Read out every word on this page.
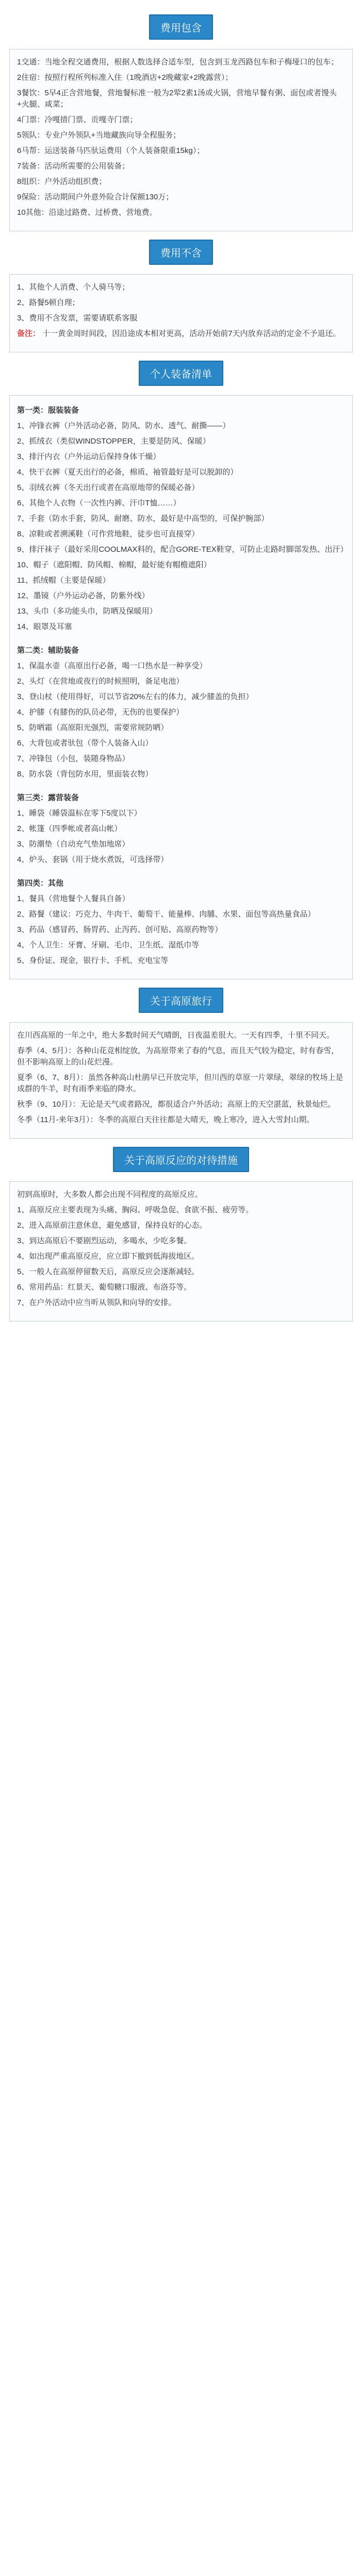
费用包含

1交通：当地全程交通费用，根据人数选择合适车型，包含到玉龙西路包车和子梅垭口的包车；

2住宿：按照行程所列标准入住（1晚酒店+2晚藏家+2晚露营）；

3餐饮：5早4正含营地餐，营地餐标准一般为2荤2素1汤或火锅，营地早餐有粥、面包或者馒头+火腿、咸菜；

4门票：冷嘎措门票、贡嘎寺门票；

5领队：专业户外领队+当地藏族向导全程服务；

6马帮：运送装备马匹驮运费用（个人装备限重15kg）；

7装备：活动所需要的公用装备；

8组织：户外活动组织费；

9保险：活动期间户外意外险合计保额130万；

10其他：沿途过路费、过桥费、营地费。

费用不含

1、其他个人消费、个人骑马等；

2、路餐5顿自理；

3、费用不含发票，需要请联系客服

备注： 十一黄金周时间段，因沿途成本相对更高，活动开始前7天内放弃活动的定金不予退还。

个人装备清单

第一类：服装装备

1、冲锋衣裤（户外活动必备，防风、防水、透气、耐撕——）

2、抓绒衣（类似WINDSTOPPER，主要是防风、保暖）

3、排汗内衣（户外运动后保持身体干燥）

4、快干衣裤（夏天出行的必备，棉质、袖管最好是可以脱卸的）

5、羽绒衣裤（冬天出行或者在高原地带的保暖必备）

6、其他个人衣物（一次性内裤、汗巾T恤……）

7、手套（防水手套，防风、耐磨、防水，最好是中高型的，可保护腕部）

8、凉鞋或者溯溪鞋（可作营地鞋，徒步也可直接穿）

9、排汗袜子（最好采用COOLMAX料的，配合GORE-TEX鞋穿，可防止走路时脚部发热、出汗）

10、帽子（遮阳帽、防风帽、棉帽，最好能有帽檐遮阳）

11、抓绒帽（主要是保暖）

12、墨镜（户外运动必备，防紫外线）

13、头巾（多功能头巾，防晒及保暖用）

14、眼罩及耳塞

第二类：辅助装备

1、保温水壶（高原出行必备，喝一口热水是一种享受）

2、头灯（在营地或夜行的时候照明，备足电池）

3、登山杖（使用得好，可以节省20%左右的体力，减少膝盖的负担）

4、护膝（有膝伤的队员必带，无伤的也要保护）

5、防晒霜（高原阳光强烈，需要常规防晒）

6、大背包或者驮包（带个人装备入山）

7、冲锋包（小包，装随身物品）

8、防水袋（背包防水用，里面装衣物）

第三类：露营装备

1、睡袋（睡袋温标在零下5度以下）

2、帐篷（四季帐或者高山帐）

3、防潮垫（自动充气垫加地席）

4、炉头、套锅（用于烧水煮饭，可选择带）

第四类：其他

1、餐具（营地餐个人餐具自备）

2、路餐（建议：巧克力、牛肉干、葡萄干、能量棒、肉脯、水果、面包等高热量食品）

3、药品（感冒药、肠胃药、止泻药、创可贴、高原药物等）

4、个人卫生：牙膏、牙刷、毛巾、卫生纸、湿纸巾等

5、身份证、现金，银行卡、手机、充电宝等

关于高原旅行

在川西高原的一年之中，绝大多数时间天气晴朗，日夜温差很大。一天有四季，十里不同天。

春季（4、5月）：各种山花竞相绽放，为高原带来了春的气息，而且天气较为稳定，时有春雪，但不影响高原上的山花烂漫。

夏季（6、7、8月）：虽然各种高山杜鹃早已开放完毕，但川西的草原一片翠绿，翠绿的牧场上是成群的牛羊，时有雨季来临的降水。

秋季（9、10月）：无论是天气或者路况，都很适合户外活动；高原上的天空湛蓝，秋景灿烂。

冬季（11月-来年3月）：冬季的高原白天往往都是大晴天，晚上寒冷，进入大雪封山期。

关于高原反应的对待措施

初到高原时，大多数人都会出现不同程度的高原反应。

1、高原反应主要表现为头痛、胸闷、呼吸急促、食欲不振、疲劳等。

2、进入高原前注意休息，避免感冒，保持良好的心态。

3、到达高原后不要剧烈运动，多喝水，少吃多餐。

4、如出现严重高原反应，应立即下撤到低海拔地区。

5、一般人在高原停留数天后，高原反应会逐渐减轻。

6、常用药品：红景天、葡萄糖口服液、布洛芬等。

7、在户外活动中应当听从领队和向导的安排。
